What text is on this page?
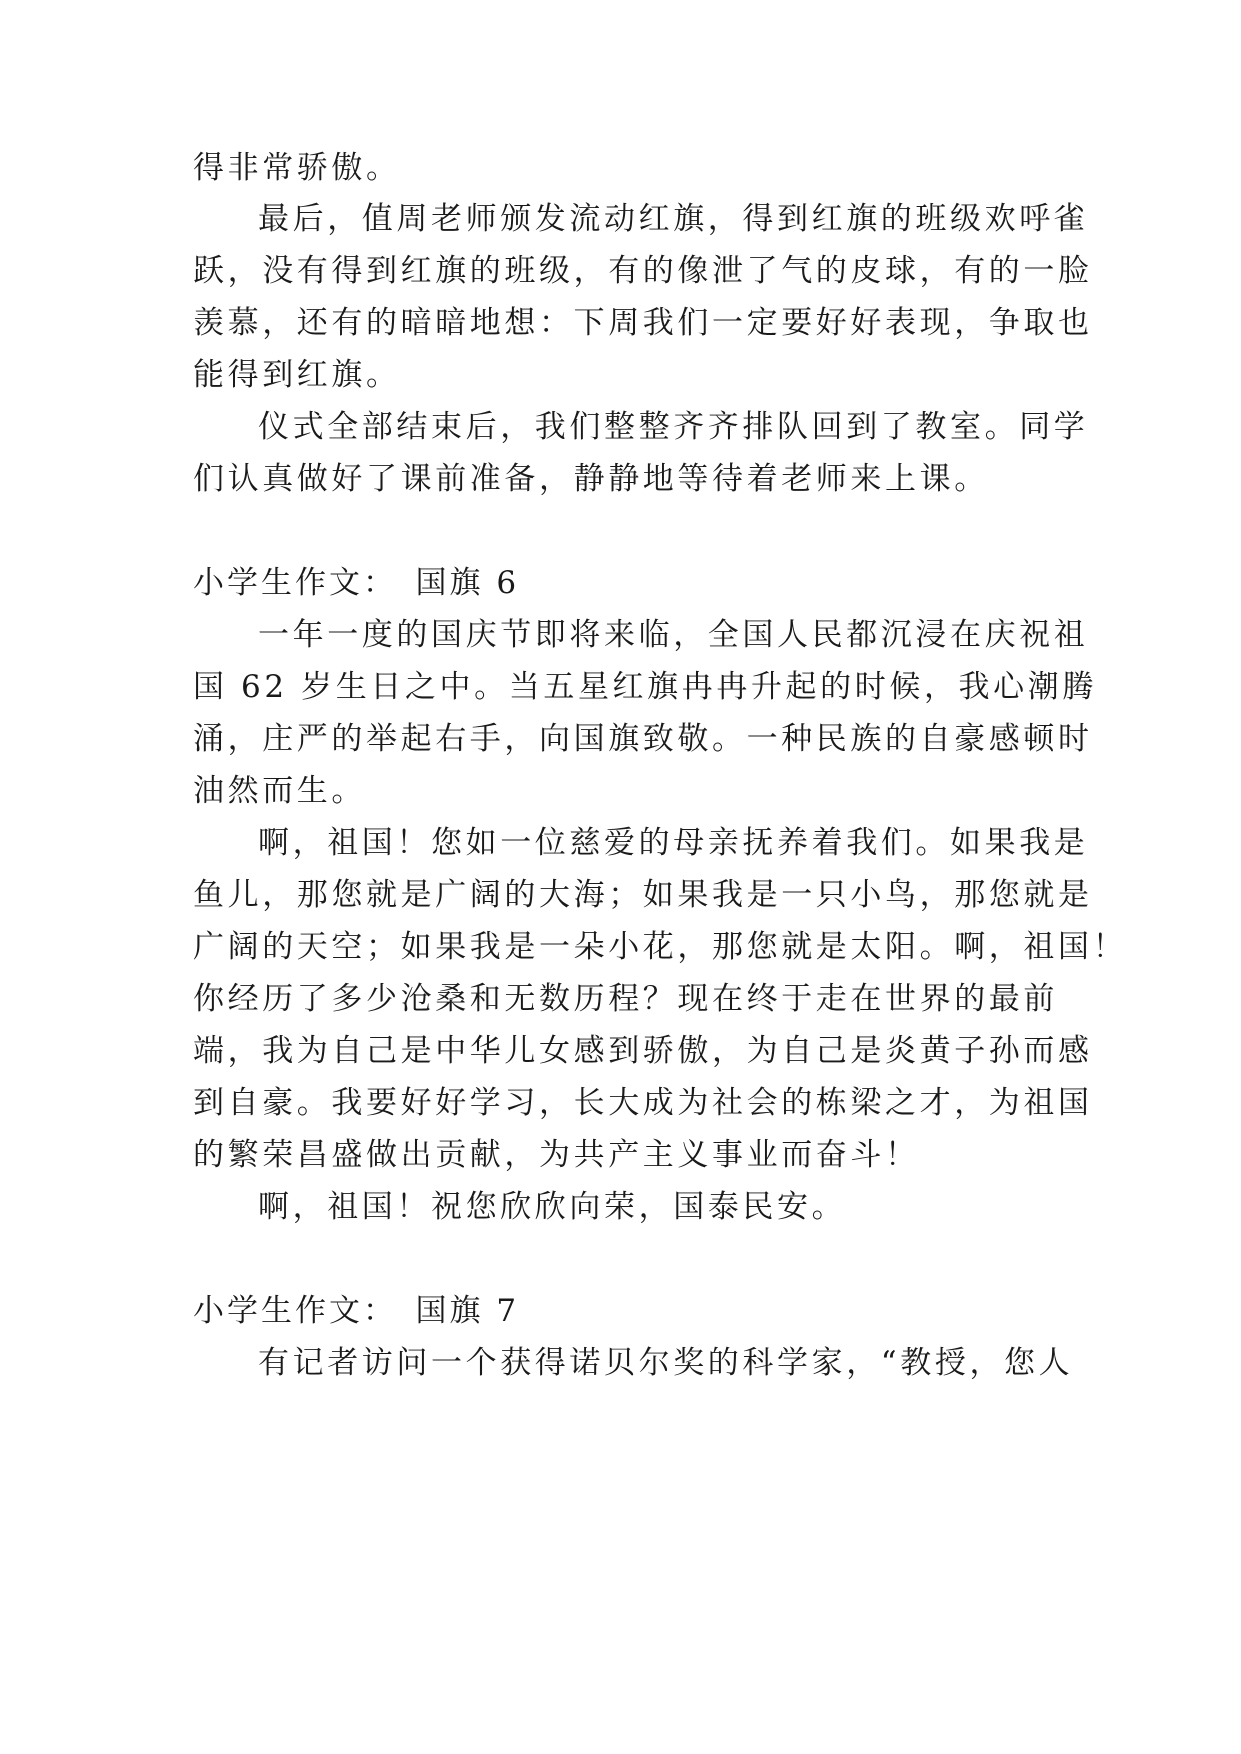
得非常骄傲。
最后，值周老师颁发流动红旗，得到红旗的班级欢呼雀
跃，没有得到红旗的班级，有的像泄了气的皮球，有的一脸
羡慕，还有的暗暗地想：下周我们一定要好好表现，争取也
能得到红旗。
仪式全部结束后，我们整整齐齐排队回到了教室。同学
们认真做好了课前准备，静静地等待着老师来上课。
小学生作文：　国旗 6
一年一度的国庆节即将来临，全国人民都沉浸在庆祝祖
国 62 岁生日之中。当五星红旗冉冉升起的时候，我心潮腾
涌，庄严的举起右手，向国旗致敬。一种民族的自豪感顿时
油然而生。
啊，祖国！您如一位慈爱的母亲抚养着我们。如果我是
鱼儿，那您就是广阔的大海；如果我是一只小鸟，那您就是
广阔的天空；如果我是一朵小花，那您就是太阳。啊，祖国！
你经历了多少沧桑和无数历程？现在终于走在世界的最前
端，我为自己是中华儿女感到骄傲，为自己是炎黄子孙而感
到自豪。我要好好学习，长大成为社会的栋梁之才，为祖国
的繁荣昌盛做出贡献，为共产主义事业而奋斗！
啊，祖国！祝您欣欣向荣，国泰民安。
小学生作文：　国旗 7
有记者访问一个获得诺贝尔奖的科学家，“教授，您人
